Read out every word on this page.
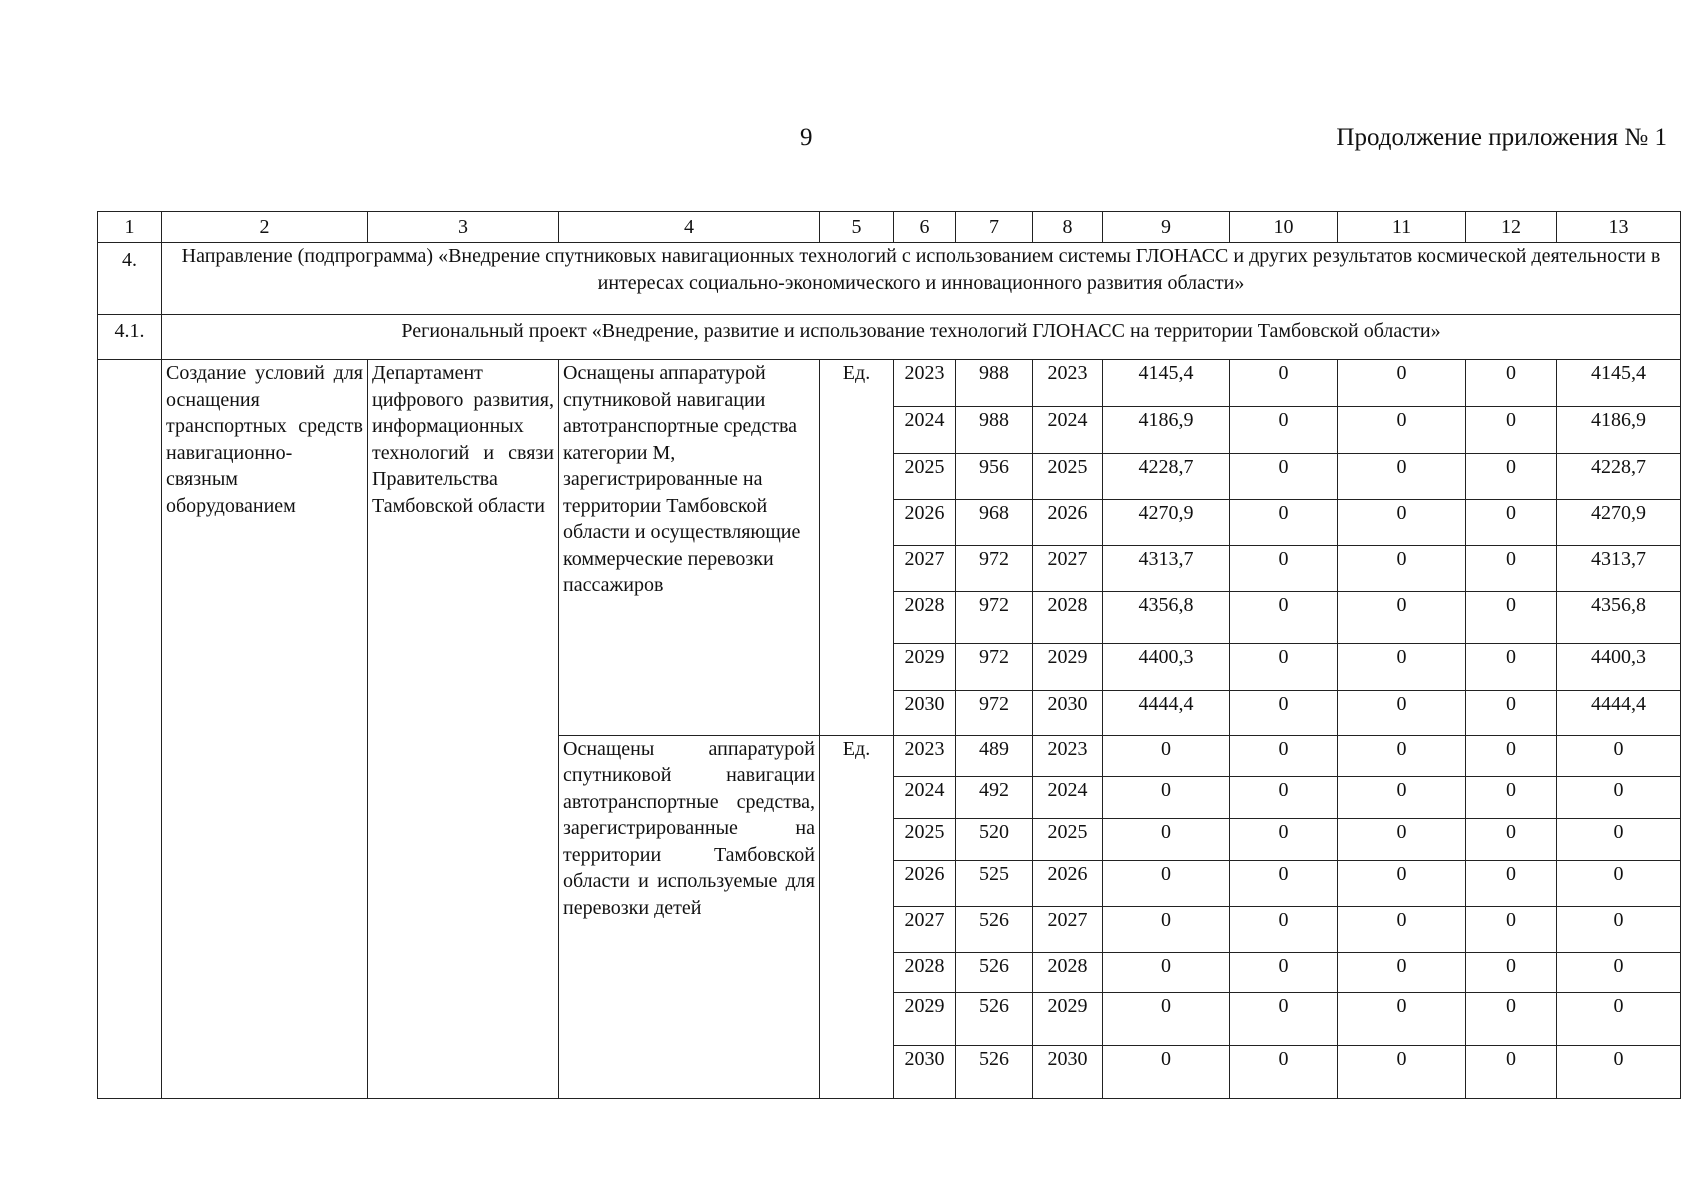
9	Продолжение приложения № 1
1	2	3	4	5	6	7	8	9	10	11	12	13
4.	Направление (подпрограмма) «Внедрение спутниковых навигационных технологий с использованием системы ГЛОНАСС и других результатов космической деятельности в интересах социально-экономического и инновационного развития области»											
4.1.	Региональный проект «Внедрение, развитие и использование технологий ГЛОНАСС на территории Тамбовской области»											
	Создание условий для оснащения транспортных средств навигационно-связным оборудованием	Департамент цифрового развития, информационных технологий и связи Правительства Тамбовской области	Оснащены аппаратурой спутниковой навигации автотранспортные средства категории М, зарегистрированные на территории Тамбовской области и осуществляющие коммерческие перевозки пассажиров	Ед.	2023	988	2023	4145,4	0	0	0	4145,4
					2024	988	2024	4186,9	0	0	0	4186,9
					2025	956	2025	4228,7	0	0	0	4228,7
					2026	968	2026	4270,9	0	0	0	4270,9
					2027	972	2027	4313,7	0	0	0	4313,7
					2028	972	2028	4356,8	0	0	0	4356,8
					2029	972	2029	4400,3	0	0	0	4400,3
					2030	972	2030	4444,4	0	0	0	4444,4
			Оснащены аппаратурой спутниковой навигации автотранспортные средства, зарегистрированные на территории Тамбовской области и используемые для перевозки детей	Ед.	2023	489	2023	0	0	0	0	0
					2024	492	2024	0	0	0	0	0
					2025	520	2025	0	0	0	0	0
					2026	525	2026	0	0	0	0	0
					2027	526	2027	0	0	0	0	0
					2028	526	2028	0	0	0	0	0
					2029	526	2029	0	0	0	0	0
					2030	526	2030	0	0	0	0	0
